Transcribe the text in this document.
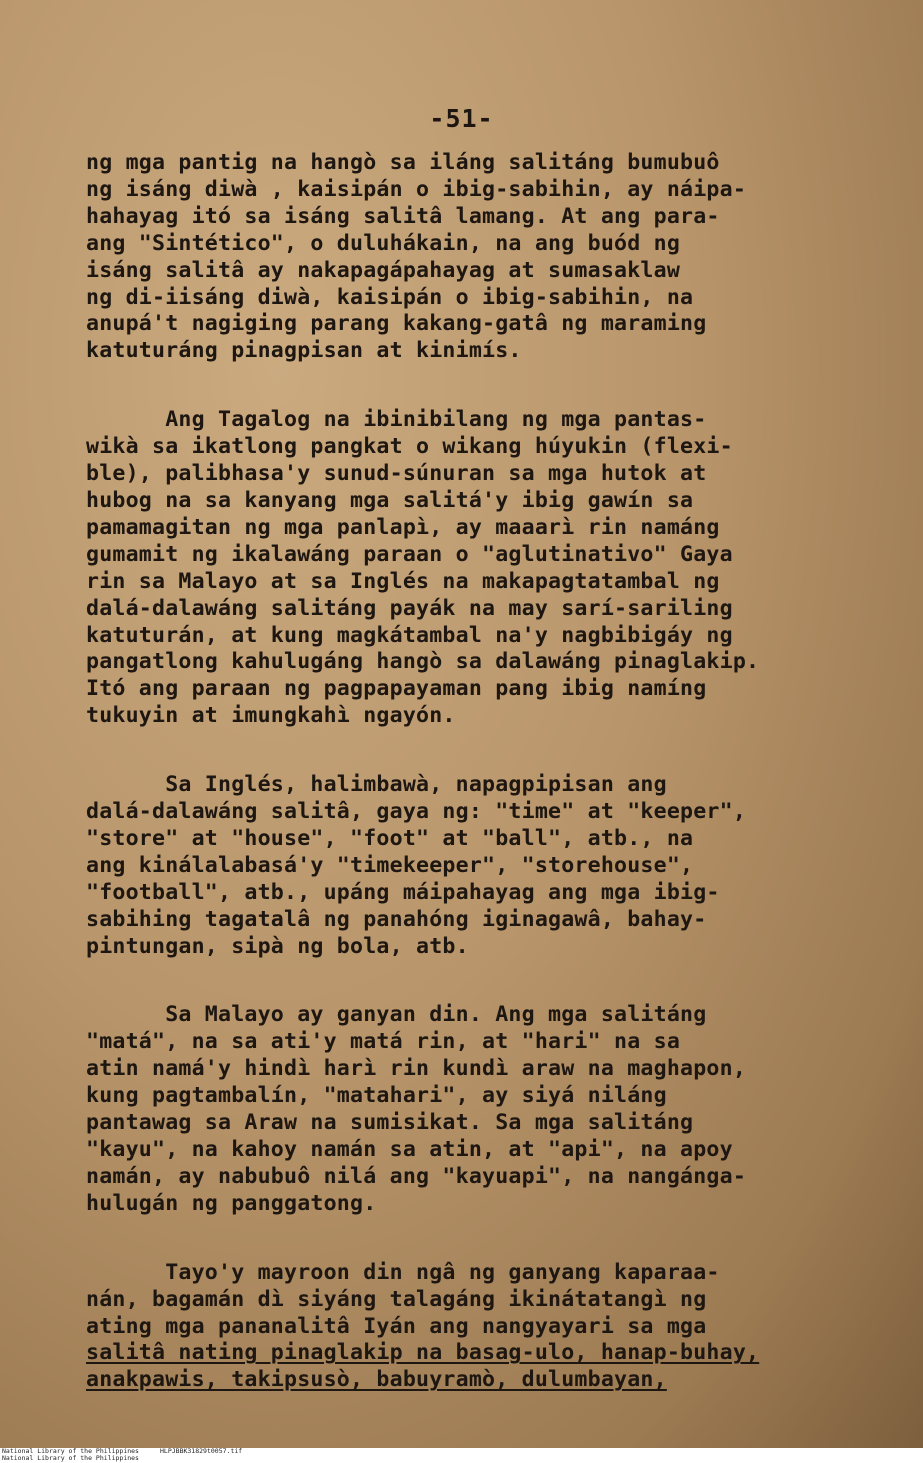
-51-

ng mga pantig na hangò sa iláng salitáng bumubuô
ng isáng diwà , kaisipán o ibig-sabihin, ay náipa-
hahayag itó sa isáng salitâ lamang. At ang para-
ang "Sintético", o duluhákain, na ang buód ng
isáng salitâ ay nakapagápahayag at sumasaklaw
ng di-iisáng diwà, kaisipán o ibig-sabihin, na
anupá't nagiging parang kakang-gatâ ng maraming
katuturáng pinagpisan at kinimís.

Ang Tagalog na ibinibilang ng mga pantas-
wikà sa ikatlong pangkat o wikang húyukin (flexi-
ble), palibhasa'y sunud-súnuran sa mga hutok at
hubog na sa kanyang mga salitá'y ibig gawín sa
pamamagitan ng mga panlapì, ay maaarì rin namáng
gumamit ng ikalawáng paraan o "aglutinativo" Gaya
rin sa Malayo at sa Inglés na makapagtatambal ng
dalá-dalawáng salitáng payák na may sarí-sariling
katuturán, at kung magkátambal na'y nagbibigáy ng
pangatlong kahulugáng hangò sa dalawáng pinaglakip.
Itó ang paraan ng pagpapayaman pang ibig namíng
tukuyin at imungkahì ngayón.

Sa Inglés, halimbawà, napagpipisan ang
dalá-dalawáng salitâ, gaya ng: "time" at "keeper",
"store" at "house", "foot" at "ball", atb., na
ang kinálalabasá'y "timekeeper", "storehouse",
"football", atb., upáng máipahayag ang mga ibig-
sabihing tagatalâ ng panahóng iginagawâ, bahay-
pintungan, sipà ng bola, atb.

Sa Malayo ay ganyan din. Ang mga salitáng
"matá", na sa ati'y matá rin, at "hari" na sa
atin namá'y hindì harì rin kundì araw na maghapon,
kung pagtambalín, "matahari", ay siyá niláng
pantawag sa Araw na sumisikat. Sa mga salitáng
"kayu", na kahoy namán sa atin, at "api", na apoy
namán, ay nabubuô nilá ang "kayuapi", na nangánga-
hulugán ng panggatong.

Tayo'y mayroon din ngâ ng ganyang kaparaa-
nán, bagamán dì siyáng talagáng ikinátatangì ng
ating mga pananalitâ Iyán ang nangyayari sa mga
salitâ nating pinaglakip na basag-ulo, hanap-buhay,
anakpawis, takipsusò, babuyramò, dulumbayan,

National Library of the Philippines
National Library of the Philippines
HLPJBBK31829t0057.tif
